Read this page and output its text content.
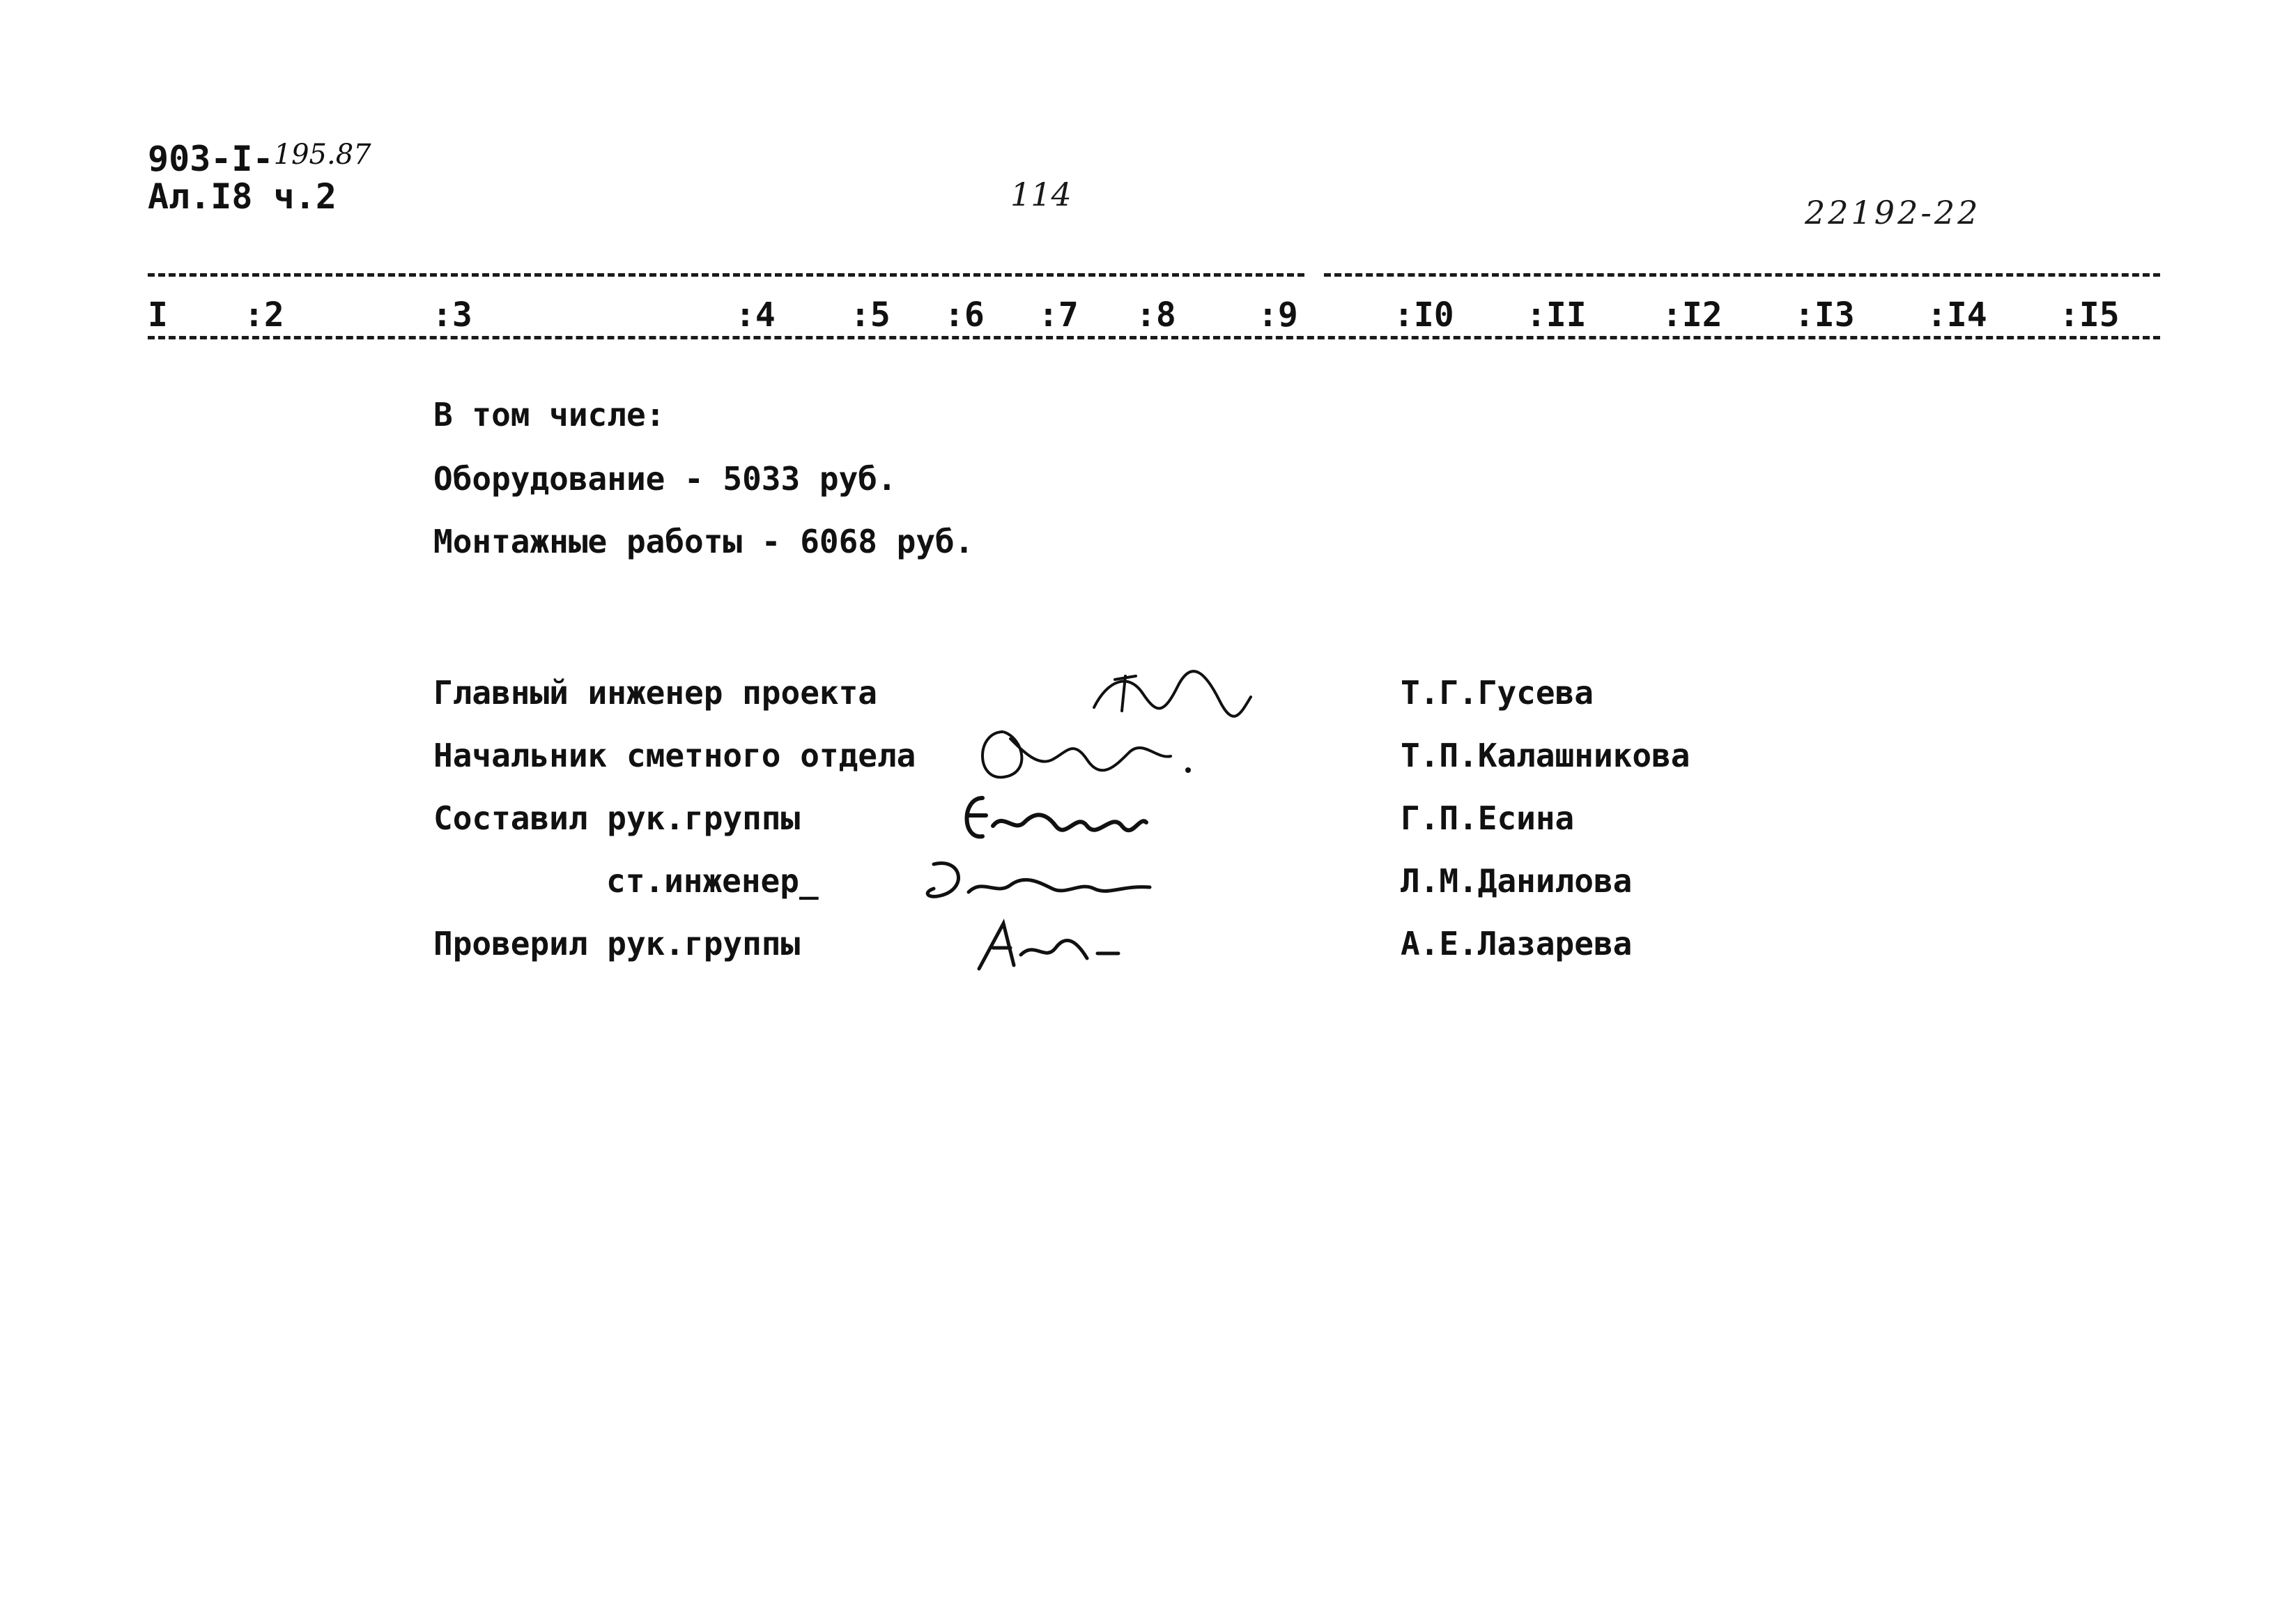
903-I-$^{195.87}$
Ал.I8 ч.2	114	22192-22
I :2	:3	:4 :5 :6 :7 :8 :9	:I0 :II :I2 :I3 :I4 :I5
В том числе:
Оборудование - 5033 руб.
Монтажные работы - 6068 руб.
Главный инженер проекта	Т.Г.Гусева
Начальник сметного отдела	Т.П.Калашникова
Составил рук.группы	Г.П.Есина
ст.инженер_	Л.М.Данилова
Проверил рук.группы	А.Е.Лазарева
